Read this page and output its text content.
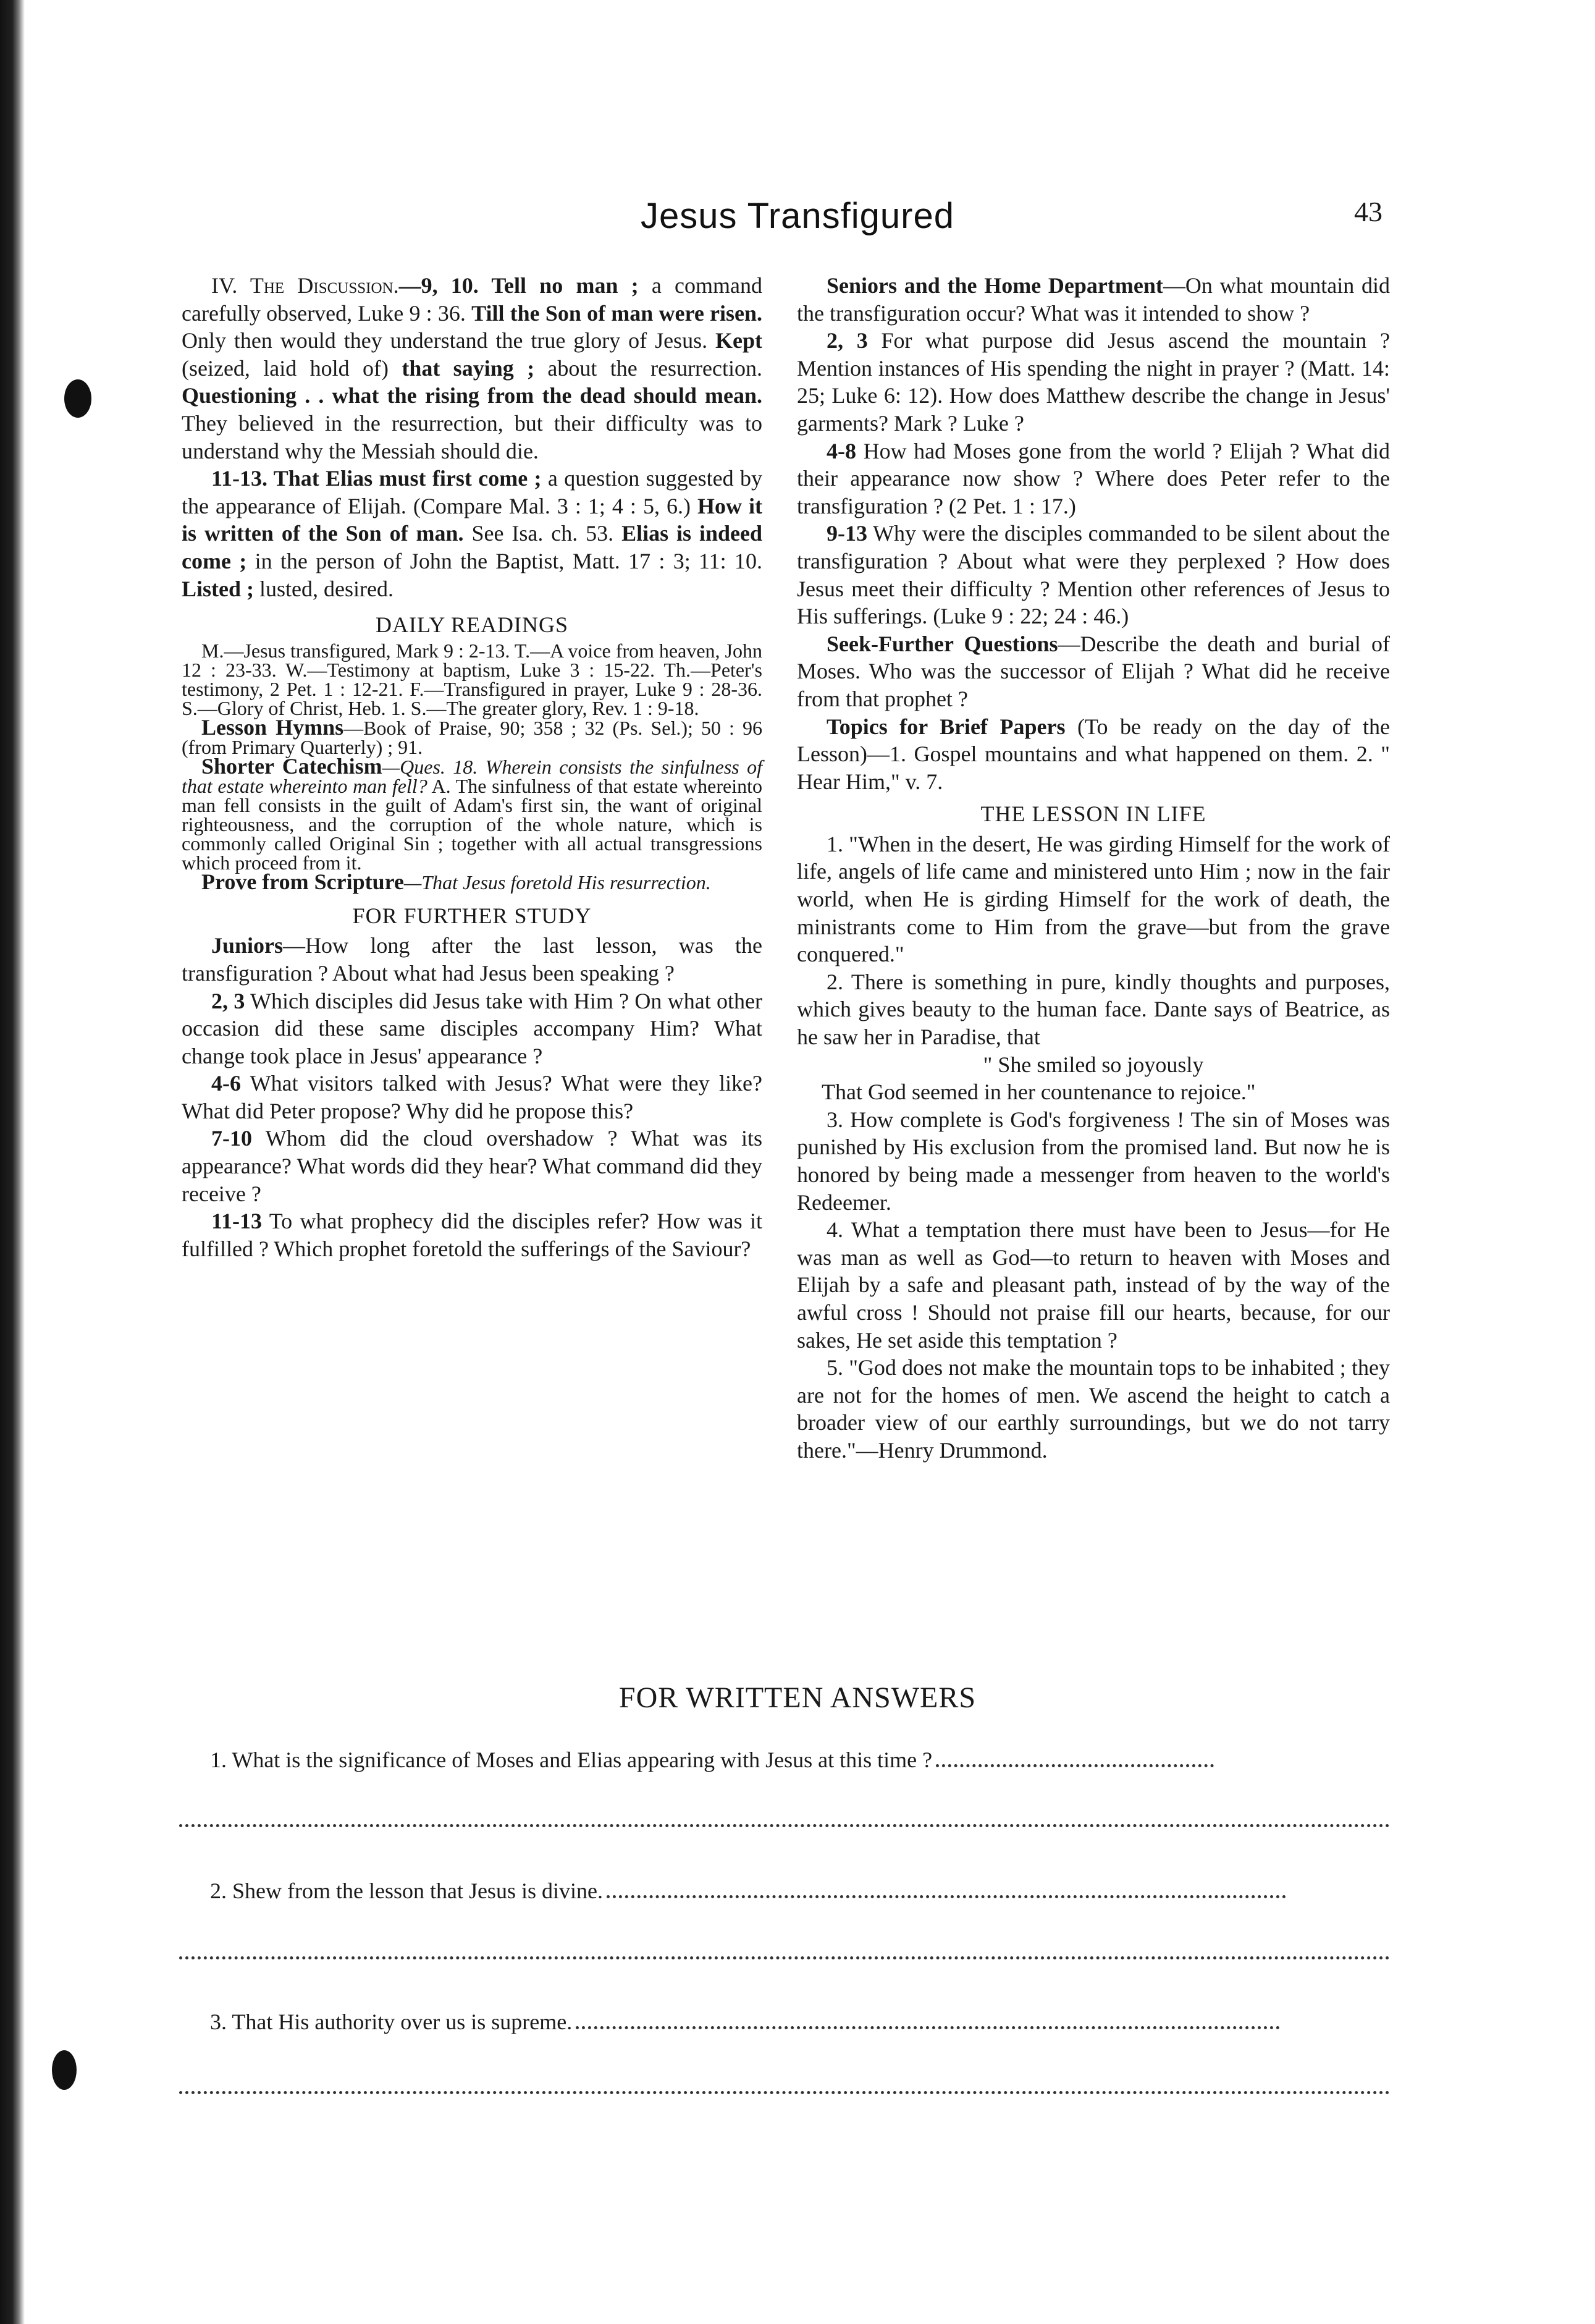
Jesus Transfigured	43

IV. The Discussion.—9, 10. Tell no man ; a command carefully observed, Luke 9 : 36. Till the Son of man were risen. Only then would they understand the true glory of Jesus. Kept (seized, laid hold of) that saying ; about the resurrection. Questioning . . what the rising from the dead should mean. They believed in the resurrection, but their difficulty was to understand why the Messiah should die.

11-13. That Elias must first come ; a question suggested by the appearance of Elijah. (Compare Mal. 3 : 1; 4 : 5, 6.) How it is written of the Son of man. See Isa. ch. 53. Elias is indeed come ; in the person of John the Baptist, Matt. 17 : 3; 11: 10. Listed ; lusted, desired.

DAILY READINGS

M.—Jesus transfigured, Mark 9 : 2-13. T.—A voice from heaven, John 12 : 23-33. W.—Testimony at baptism, Luke 3 : 15-22. Th.—Peter's testimony, 2 Pet. 1 : 12-21. F.—Transfigured in prayer, Luke 9 : 28-36. S.—Glory of Christ, Heb. 1. S.—The greater glory, Rev. 1 : 9-18.

Lesson Hymns—Book of Praise, 90; 358 ; 32 (Ps. Sel.); 50 : 96 (from Primary Quarterly) ; 91.

Shorter Catechism—Ques. 18. Wherein consists the sinfulness of that estate whereinto man fell? A. The sinfulness of that estate whereinto man fell consists in the guilt of Adam's first sin, the want of original righteousness, and the corruption of the whole nature, which is commonly called Original Sin ; together with all actual transgressions which proceed from it.

Prove from Scripture—That Jesus foretold His resurrection.

FOR FURTHER STUDY

Juniors—How long after the last lesson, was the transfiguration ? About what had Jesus been speaking ?

2, 3 Which disciples did Jesus take with Him ? On what other occasion did these same disciples accompany Him? What change took place in Jesus' appearance ?

4-6 What visitors talked with Jesus? What were they like? What did Peter propose? Why did he propose this?

7-10 Whom did the cloud overshadow ? What was its appearance? What words did they hear? What command did they receive ?

11-13 To what prophecy did the disciples refer? How was it fulfilled ? Which prophet foretold the sufferings of the Saviour?

Seniors and the Home Department—On what mountain did the transfiguration occur? What was it intended to show ?

2, 3 For what purpose did Jesus ascend the mountain ? Mention instances of His spending the night in prayer ? (Matt. 14: 25; Luke 6: 12). How does Matthew describe the change in Jesus' garments? Mark ? Luke ?

4-8 How had Moses gone from the world ? Elijah ? What did their appearance now show ? Where does Peter refer to the transfiguration ? (2 Pet. 1 : 17.)

9-13 Why were the disciples commanded to be silent about the transfiguration ? About what were they perplexed ? How does Jesus meet their difficulty ? Mention other references of Jesus to His sufferings. (Luke 9 : 22; 24 : 46.)

Seek-Further Questions—Describe the death and burial of Moses. Who was the successor of Elijah ? What did he receive from that prophet ?

Topics for Brief Papers (To be ready on the day of the Lesson)—1. Gospel mountains and what happened on them. 2. " Hear Him," v. 7.

THE LESSON IN LIFE

1. "When in the desert, He was girding Himself for the work of life, angels of life came and ministered unto Him ; now in the fair world, when He is girding Himself for the work of death, the ministrants come to Him from the grave—but from the grave conquered."

2. There is something in pure, kindly thoughts and purposes, which gives beauty to the human face. Dante says of Beatrice, as he saw her in Paradise, that

" She smiled so joyously

That God seemed in her countenance to rejoice."

3. How complete is God's forgiveness ! The sin of Moses was punished by His exclusion from the promised land. But now he is honored by being made a messenger from heaven to the world's Redeemer.

4. What a temptation there must have been to Jesus—for He was man as well as God—to return to heaven with Moses and Elijah by a safe and pleasant path, instead of by the way of the awful cross ! Should not praise fill our hearts, because, for our sakes, He set aside this temptation ?

5. "God does not make the mountain tops to be inhabited ; they are not for the homes of men. We ascend the height to catch a broader view of our earthly surroundings, but we do not tarry there."—Henry Drummond.

FOR WRITTEN ANSWERS
1. What is the significance of Moses and Elias appearing with Jesus at this time ?
2. Shew from the lesson that Jesus is divine.
3. That His authority over us is supreme.
